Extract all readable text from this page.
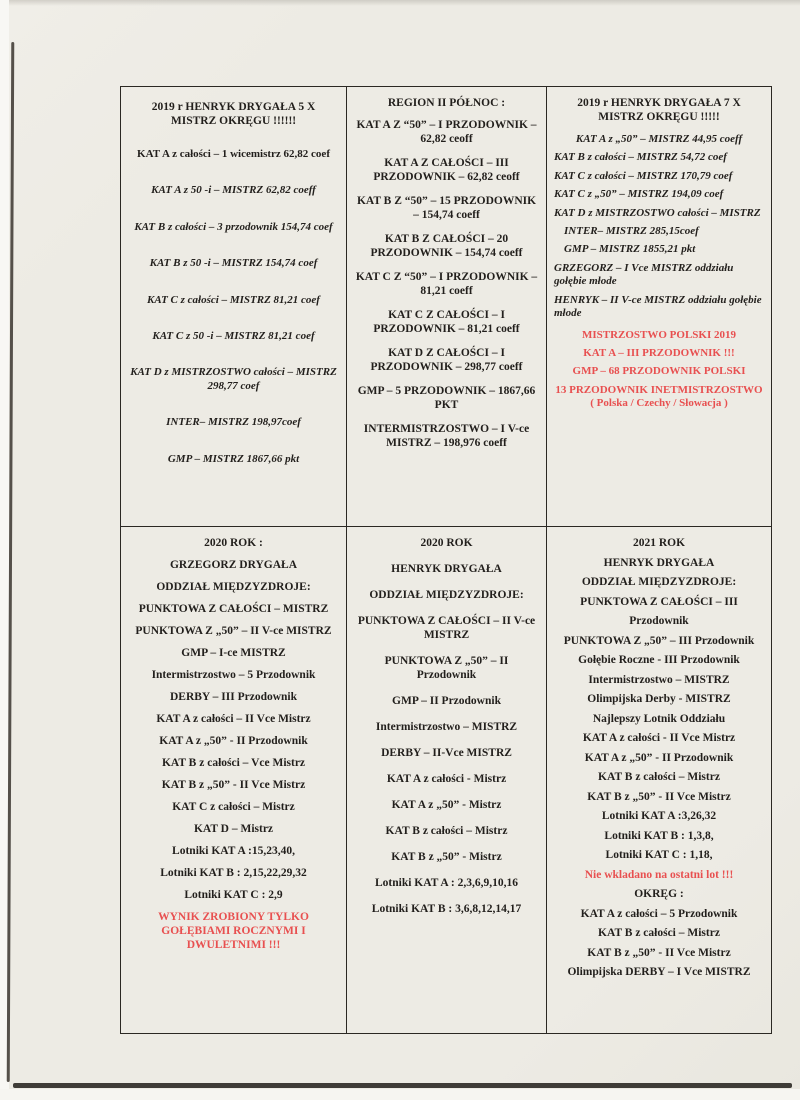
2019 r HENRYK DRYGAŁA 5 X MISTRZ OKRĘGU !!!!!!
KAT A z całości – 1 wicemistrz 62,82 coef
KAT A z 50 -i – MISTRZ 62,82 coeff
KAT B z całości – 3 przodownik 154,74 coef
KAT B z 50 -i – MISTRZ 154,74 coef
KAT C z całości – MISTRZ 81,21 coef
KAT C z 50 -i – MISTRZ 81,21 coef
KAT D z MISTRZOSTWO całości – MISTRZ 298,77 coef
INTER– MISTRZ 198,97coef
GMP – MISTRZ 1867,66 pkt
REGION II PÓŁNOC :
KAT A Z “50” – I PRZODOWNIK – 62,82 ceoff
KAT A Z CAŁOŚCI – III PRZODOWNIK – 62,82 ceoff
KAT B Z “50” – 15 PRZODOWNIK – 154,74 coeff
KAT B Z CAŁOŚCI – 20 PRZODOWNIK – 154,74 coeff
KAT C Z “50” – I PRZODOWNIK – 81,21 coeff
KAT C Z CAŁOŚCI – I PRZODOWNIK – 81,21 coeff
KAT D Z CAŁOŚCI – I PRZODOWNIK – 298,77 coeff
GMP – 5 PRZODOWNIK – 1867,66 PKT
INTERMISTRZOSTWO – I V-ce MISTRZ – 198,976 coeff
2019 r HENRYK DRYGAŁA 7 X MISTRZ OKRĘGU !!!!!
KAT A z „50” – MISTRZ 44,95 coeff
KAT B z całości – MISTRZ 54,72 coef
KAT C z całości – MISTRZ 170,79 coef
KAT C z „50” – MISTRZ 194,09 coef
KAT D z MISTRZOSTWO całości – MISTRZ
INTER– MISTRZ 285,15coef
GMP – MISTRZ 1855,21 pkt
GRZEGORZ – I Vce MISTRZ oddziału gołębie młode
HENRYK – II V-ce MISTRZ oddziału gołębie młode
MISTRZOSTWO POLSKI 2019
KAT A – III PRZODOWNIK !!!
GMP – 68 PRZODOWNIK POLSKI
13 PRZODOWNIK INETMISTRZOSTWO ( Polska / Czechy / Słowacja )
2020 ROK :
GRZEGORZ DRYGAŁA
ODDZIAŁ MIĘDZYZDROJE:
PUNKTOWA Z CAŁOŚCI – MISTRZ
PUNKTOWA Z „50” – II V-ce MISTRZ
GMP – I-ce MISTRZ
Intermistrzostwo – 5 Przodownik
DERBY – III Przodownik
KAT A z całości – II Vce Mistrz
KAT A z „50” - II Przodownik
KAT B z całości – Vce Mistrz
KAT B z „50” - II Vce Mistrz
KAT C z całości – Mistrz
KAT D – Mistrz
Lotniki KAT A :15,23,40,
Lotniki KAT B : 2,15,22,29,32
Lotniki KAT C : 2,9
WYNIK ZROBIONY TYLKO GOŁĘBIAMI ROCZNYMI I DWULETNIMI !!!
2020 ROK
HENRYK DRYGAŁA
ODDZIAŁ MIĘDZYZDROJE:
PUNKTOWA Z CAŁOŚCI – II V-ce MISTRZ
PUNKTOWA Z „50” – II Przodownik
GMP – II Przodownik
Intermistrzostwo – MISTRZ
DERBY – II-Vce MISTRZ
KAT A z całości - Mistrz
KAT A z „50” - Mistrz
KAT B z całości – Mistrz
KAT B z „50” - Mistrz
Lotniki KAT A : 2,3,6,9,10,16
Lotniki KAT B : 3,6,8,12,14,17
2021 ROK
HENRYK DRYGAŁA
ODDZIAŁ MIĘDZYZDROJE:
PUNKTOWA Z CAŁOŚCI – III
Przodownik
PUNKTOWA Z „50” – III Przodownik
Gołębie Roczne - III Przodownik
Intermistrzostwo – MISTRZ
Olimpijska Derby - MISTRZ
Najlepszy Lotnik Oddziału
KAT A z całości - II Vce Mistrz
KAT A z „50” - II Przodownik
KAT B z całości – Mistrz
KAT B z „50” - II Vce Mistrz
Lotniki KAT A :3,26,32
Lotniki KAT B : 1,3,8,
Lotniki KAT C : 1,18,
Nie wkladano na ostatni lot !!!
OKRĘG :
KAT A z całości – 5 Przodownik
KAT B z całości – Mistrz
KAT B z „50” - II Vce Mistrz
Olimpijska DERBY – I Vce MISTRZ
